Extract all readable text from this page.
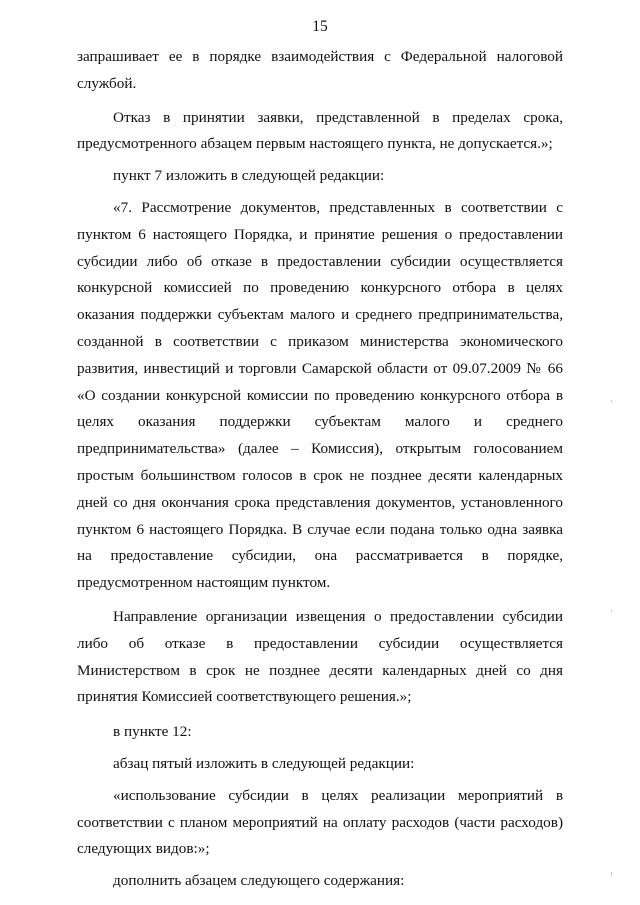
15

запрашивает ее в порядке взаимодействия с Федеральной налоговой службой.

Отказ в принятии заявки, представленной в пределах срока, предусмотренного абзацем первым настоящего пункта, не допускается.»;

пункт 7 изложить в следующей редакции:

«7. Рассмотрение документов, представленных в соответствии с пунктом 6 настоящего Порядка, и принятие решения о предоставлении субсидии либо об отказе в предоставлении субсидии осуществляется конкурсной комиссией по проведению конкурсного отбора в целях оказания поддержки субъектам малого и среднего предпринимательства, созданной в соответствии с приказом министерства экономического развития, инвестиций и торговли Самарской области от 09.07.2009 № 66 «О создании конкурсной комиссии по проведению конкурсного отбора в целях оказания поддержки субъектам малого и среднего предпринимательства» (далее – Комиссия), открытым голосованием простым большинством голосов в срок не позднее десяти календарных дней со дня окончания срока представления документов, установленного пунктом 6 настоящего Порядка. В случае если подана только одна заявка на предоставление субсидии, она рассматривается в порядке, предусмотренном настоящим пунктом.

Направление организации извещения о предоставлении субсидии либо об отказе в предоставлении субсидии осуществляется Министерством в срок не позднее десяти календарных дней со дня принятия Комиссией соответствующего решения.»;

в пункте 12:

абзац пятый изложить в следующей редакции:

«использование субсидии в целях реализации мероприятий в соответствии с планом мероприятий на оплату расходов (части расходов) следующих видов:»;

дополнить абзацем следующего содержания:
